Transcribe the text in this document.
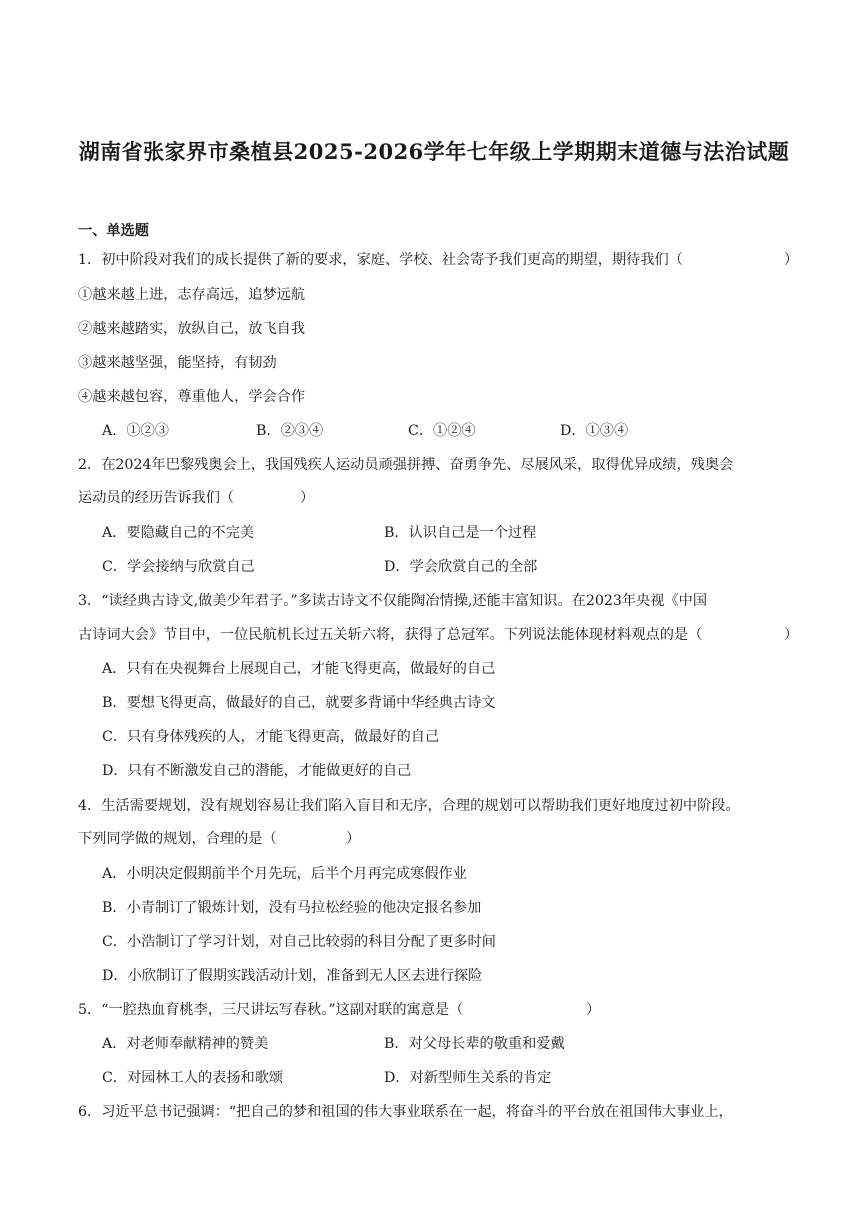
湖南省张家界市桑植县2025-2026学年七年级上学期期末道德与法治试题
一、单选题
1．初中阶段对我们的成长提供了新的要求，家庭、学校、社会寄予我们更高的期望，期待我们（	）
①越来越上进，志存高远，追梦远航
②越来越踏实，放纵自己，放飞自我
③越来越坚强，能坚持，有韧劲
④越来越包容，尊重他人，学会合作
A．①②③	B．②③④	C．①②④	D．①③④
2．在2024年巴黎残奥会上，我国残疾人运动员顽强拼搏、奋勇争先、尽展风采，取得优异成绩，残奥会
运动员的经历告诉我们（	）
A．要隐藏自己的不完美	B．认识自己是一个过程
C．学会接纳与欣赏自己	D．学会欣赏自己的全部
3．“读经典古诗文,做美少年君子。”多读古诗文不仅能陶冶情操,还能丰富知识。在2023年央视《中国
古诗词大会》节目中，一位民航机长过五关斩六将，获得了总冠军。下列说法能体现材料观点的是（	）
A．只有在央视舞台上展现自己，才能飞得更高，做最好的自己
B．要想飞得更高，做最好的自己，就要多背诵中华经典古诗文
C．只有身体残疾的人，才能飞得更高，做最好的自己
D．只有不断激发自己的潜能，才能做更好的自己
4．生活需要规划，没有规划容易让我们陷入盲目和无序，合理的规划可以帮助我们更好地度过初中阶段。
下列同学做的规划，合理的是（	）
A．小明决定假期前半个月先玩，后半个月再完成寒假作业
B．小青制订了锻炼计划，没有马拉松经验的他决定报名参加
C．小浩制订了学习计划，对自己比较弱的科目分配了更多时间
D．小欣制订了假期实践活动计划，准备到无人区去进行探险
5．“一腔热血育桃李，三尺讲坛写春秋。”这副对联的寓意是（	）
A．对老师奉献精神的赞美	B．对父母长辈的敬重和爱戴
C．对园林工人的表扬和歌颂	D．对新型师生关系的肯定
6．习近平总书记强调：“把自己的梦和祖国的伟大事业联系在一起，将奋斗的平台放在祖国伟大事业上，
